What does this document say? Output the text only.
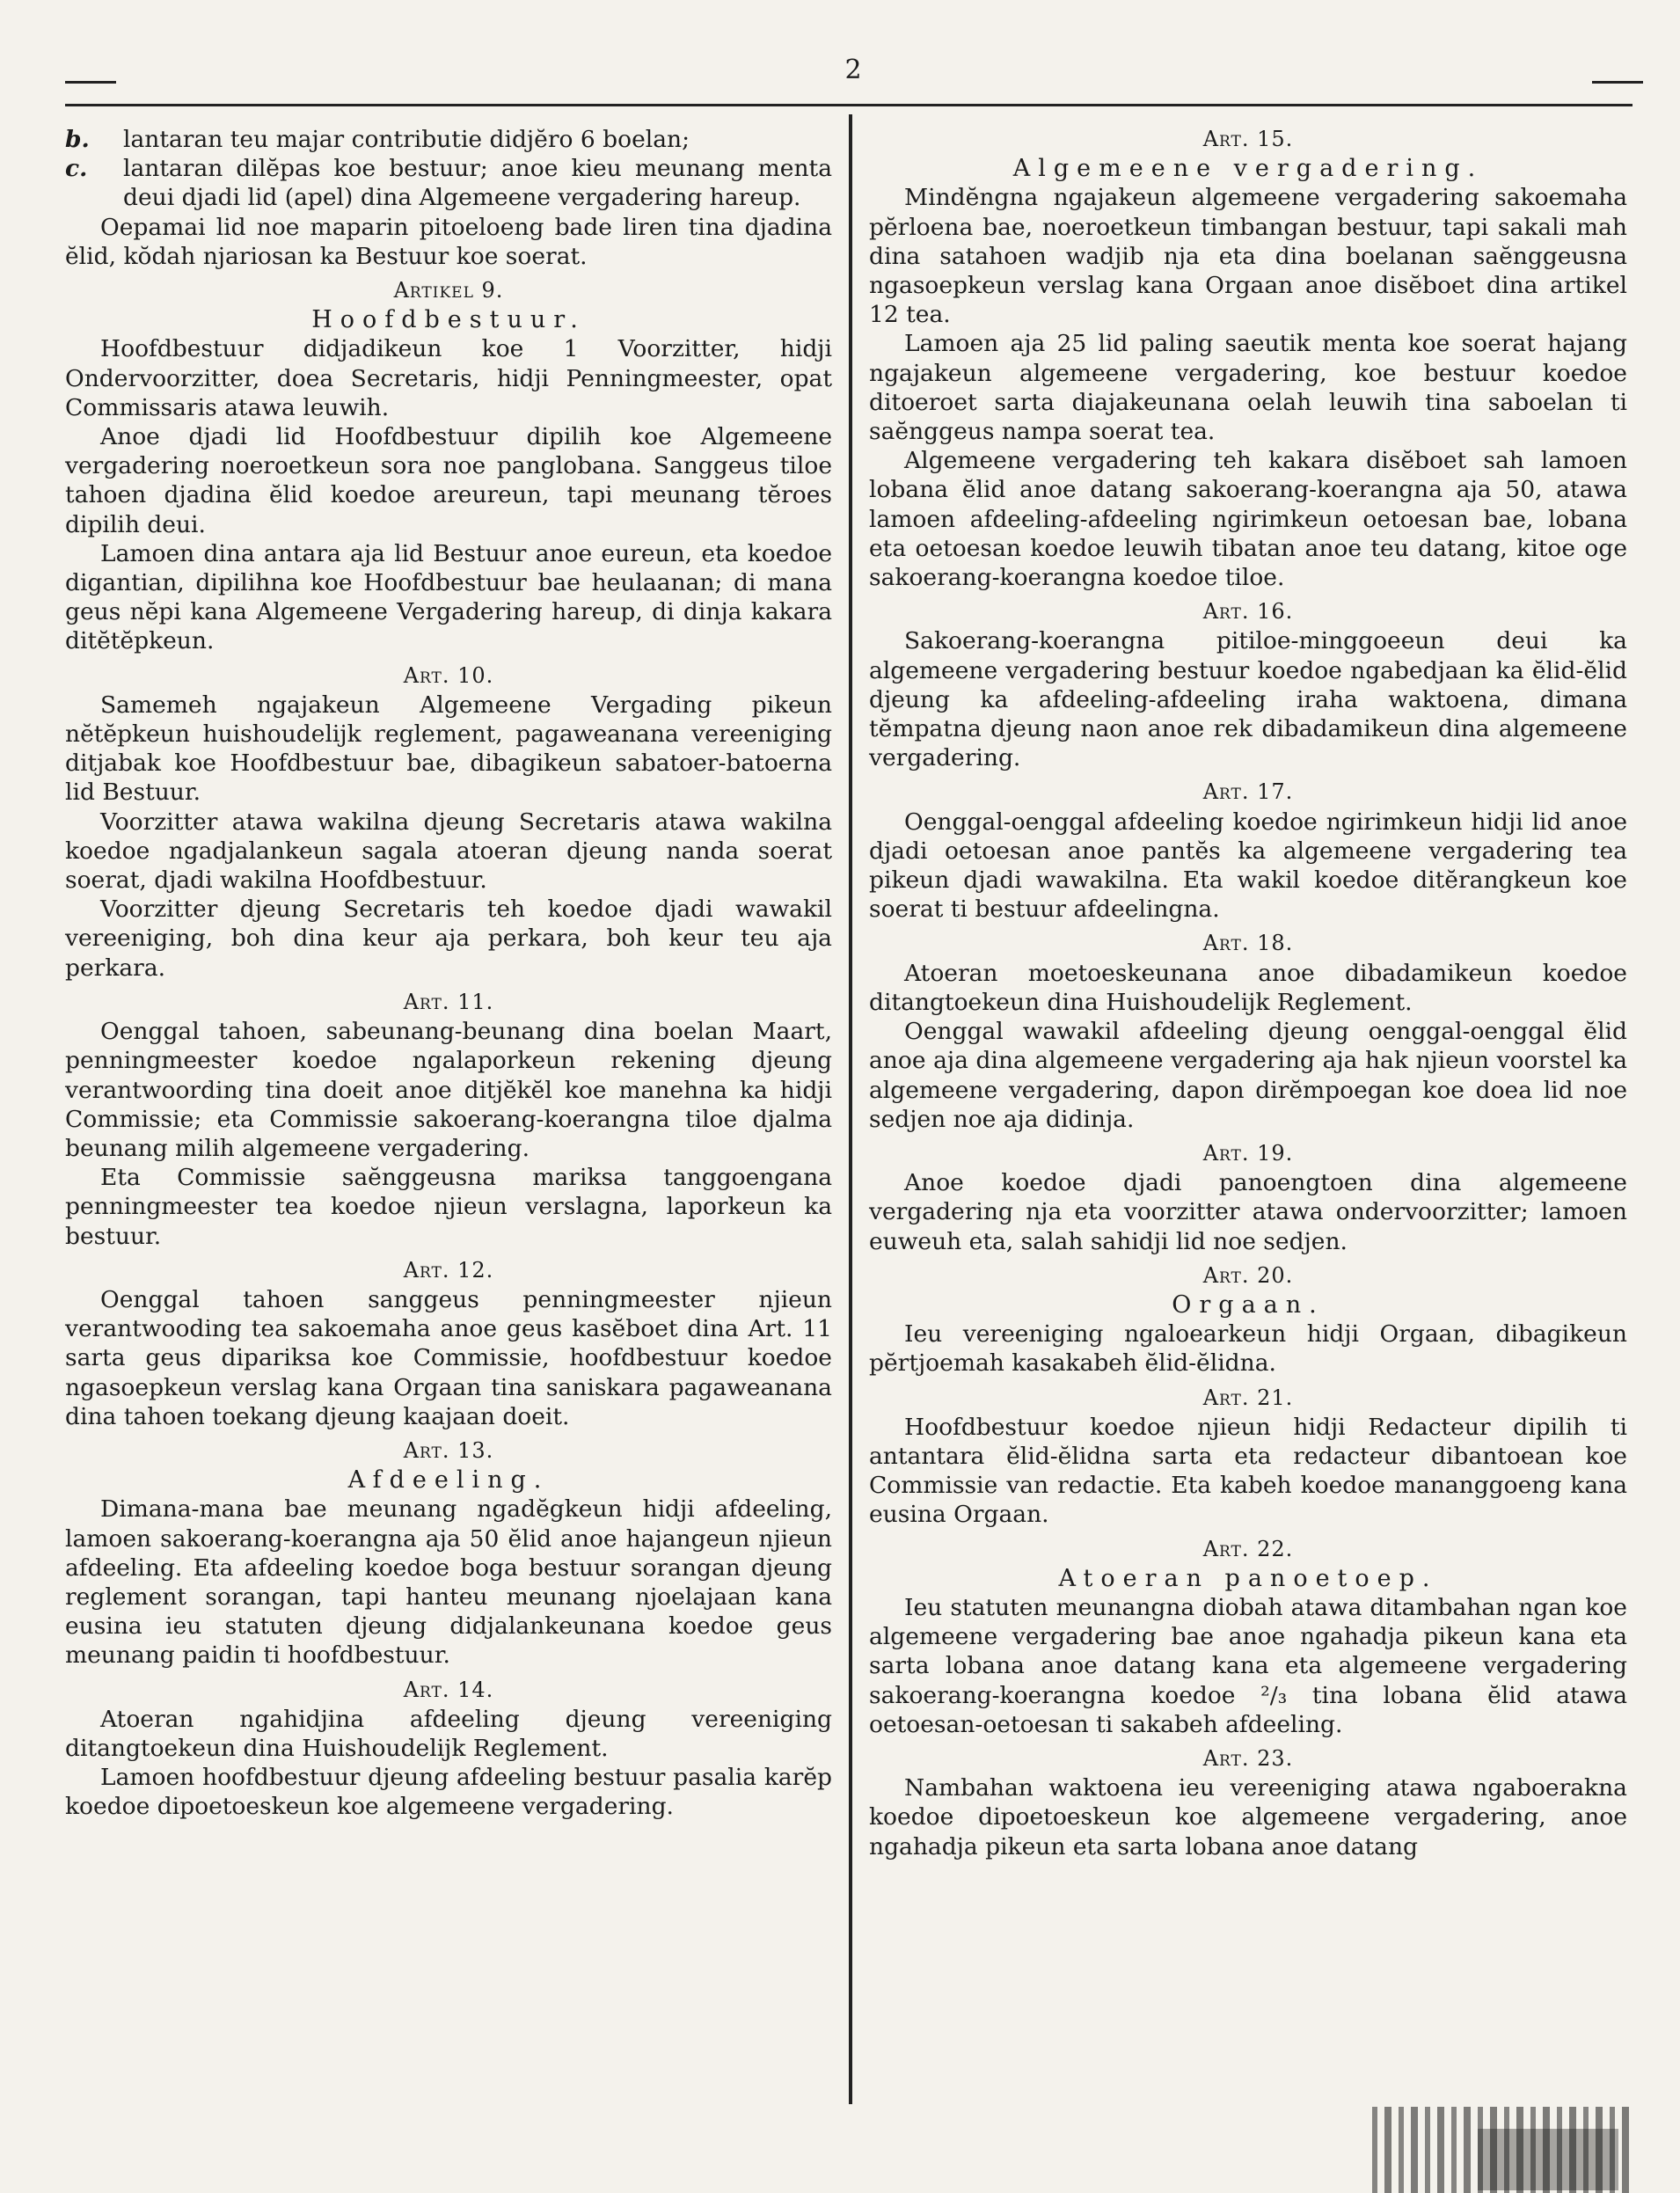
2
b.	lantaran teu majar contributie didjĕro 6 boelan;
c.	lantaran dilĕpas koe bestuur; anoe kieu meunang menta deui djadi lid (apel) dina Algemeene vergadering hareup.

Oepamai lid noe maparin pitoeloeng bade liren tina djadina ĕlid, kŏdah njariosan ka Bestuur koe soerat.

Artikel 9.
Hoofdbestuur.

Hoofdbestuur didjadikeun koe 1 Voorzitter, hidji Ondervoorzitter, doea Secretaris, hidji Penningmeester, opat Commissaris atawa leuwih.

Anoe djadi lid Hoofdbestuur dipilih koe Algemeene vergadering noeroetkeun sora noe panglobana. Sanggeus tiloe tahoen djadina ĕlid koedoe areureun, tapi meunang tĕroes dipilih deui.

Lamoen dina antara aja lid Bestuur anoe eureun, eta koedoe digantian, dipilihna koe Hoofdbestuur bae heulaanan; di mana geus nĕpi kana Algemeene Vergadering hareup, di dinja kakara ditĕtĕpkeun.

Art. 10.

Samemeh ngajakeun Algemeene Vergading pikeun nĕtĕpkeun huishoudelijk reglement, pagaweanana vereeniging ditjabak koe Hoofdbestuur bae, dibagikeun sabatoer-batoerna lid Bestuur.

Voorzitter atawa wakilna djeung Secretaris atawa wakilna koedoe ngadjalankeun sagala atoeran djeung nanda soerat soerat, djadi wakilna Hoofdbestuur.

Voorzitter djeung Secretaris teh koedoe djadi wawakil vereeniging, boh dina keur aja perkara, boh keur teu aja perkara.

Art. 11.

Oenggal tahoen, sabeunang-beunang dina boelan Maart, penningmeester koedoe ngalaporkeun rekening djeung verantwoording tina doeit anoe ditjĕkĕl koe manehna ka hidji Commissie; eta Commissie sakoerang-koerangna tiloe djalma beunang milih algemeene vergadering.

Eta Commissie saĕnggeusna mariksa tanggoengana penningmeester tea koedoe njieun verslagna, laporkeun ka bestuur.

Art. 12.

Oenggal tahoen sanggeus penningmeester njieun verantwooding tea sakoemaha anoe geus kasĕboet dina Art. 11 sarta geus dipariksa koe Commissie, hoofdbestuur koedoe ngasoepkeun verslag kana Orgaan tina saniskara pagaweanana dina tahoen toekang djeung kaajaan doeit.

Art. 13.
Afdeeling.

Dimana-mana bae meunang ngadĕgkeun hidji afdeeling, lamoen sakoerang-koerangna aja 50 ĕlid anoe hajangeun njieun afdeeling. Eta afdeeling koedoe boga bestuur sorangan djeung reglement sorangan, tapi hanteu meunang njoelajaan kana eusina ieu statuten djeung didjalankeunana koedoe geus meunang paidin ti hoofdbestuur.

Art. 14.

Atoeran ngahidjina afdeeling djeung vereeniging ditangtoekeun dina Huishoudelijk Reglement.

Lamoen hoofdbestuur djeung afdeeling bestuur pasalia karĕp koedoe dipoetoeskeun koe algemeene vergadering.

Art. 15.
Algemeene vergadering.

Mindĕngna ngajakeun algemeene vergadering sakoemaha pĕrloena bae, noeroetkeun timbangan bestuur, tapi sakali mah dina satahoen wadjib nja eta dina boelanan saĕnggeusna ngasoepkeun verslag kana Orgaan anoe disĕboet dina artikel 12 tea.

Lamoen aja 25 lid paling saeutik menta koe soerat hajang ngajakeun algemeene vergadering, koe bestuur koedoe ditoeroet sarta diajakeunana oelah leuwih tina saboelan ti saĕnggeus nampa soerat tea.

Algemeene vergadering teh kakara disĕboet sah lamoen lobana ĕlid anoe datang sakoerang-koerangna aja 50, atawa lamoen afdeeling-afdeeling ngirimkeun oetoesan bae, lobana eta oetoesan koedoe leuwih tibatan anoe teu datang, kitoe oge sakoerang-koerangna koedoe tiloe.

Art. 16.

Sakoerang-koerangna pitiloe-minggoeeun deui ka algemeene vergadering bestuur koedoe ngabedjaan ka ĕlid-ĕlid djeung ka afdeeling-afdeeling iraha waktoena, dimana tĕmpatna djeung naon anoe rek dibadamikeun dina algemeene vergadering.

Art. 17.

Oenggal-oenggal afdeeling koedoe ngirimkeun hidji lid anoe djadi oetoesan anoe pantĕs ka algemeene vergadering tea pikeun djadi wawakilna. Eta wakil koedoe ditĕrangkeun koe soerat ti bestuur afdeelingna.

Art. 18.

Atoeran moetoeskeunana anoe dibadamikeun koedoe ditangtoekeun dina Huishoudelijk Reglement.

Oenggal wawakil afdeeling djeung oenggal-oenggal ĕlid anoe aja dina algemeene vergadering aja hak njieun voorstel ka algemeene vergadering, dapon dirĕmpoegan koe doea lid noe sedjen noe aja didinja.

Art. 19.

Anoe koedoe djadi panoengtoen dina algemeene vergadering nja eta voorzitter atawa ondervoorzitter; lamoen euweuh eta, salah sahidji lid noe sedjen.

Art. 20.
Orgaan.

Ieu vereeniging ngaloearkeun hidji Orgaan, dibagikeun pĕrtjoemah kasakabeh ĕlid-ĕlidna.

Art. 21.

Hoofdbestuur koedoe njieun hidji Redacteur dipilih ti antantara ĕlid-ĕlidna sarta eta redacteur dibantoean koe Commissie van redactie. Eta kabeh koedoe mananggoeng kana eusina Orgaan.

Art. 22.
Atoeran panoetoep.

Ieu statuten meunangna diobah atawa ditambahan ngan koe algemeene vergadering bae anoe ngahadja pikeun kana eta sarta lobana anoe datang kana eta algemeene vergadering sakoerang-koerangna koedoe ²/₃ tina lobana ĕlid atawa oetoesan-oetoesan ti sakabeh afdeeling.

Art. 23.

Nambahan waktoena ieu vereeniging atawa ngaboerakna koedoe dipoetoeskeun koe algemeene vergadering, anoe ngahadja pikeun eta sarta lobana anoe datang
